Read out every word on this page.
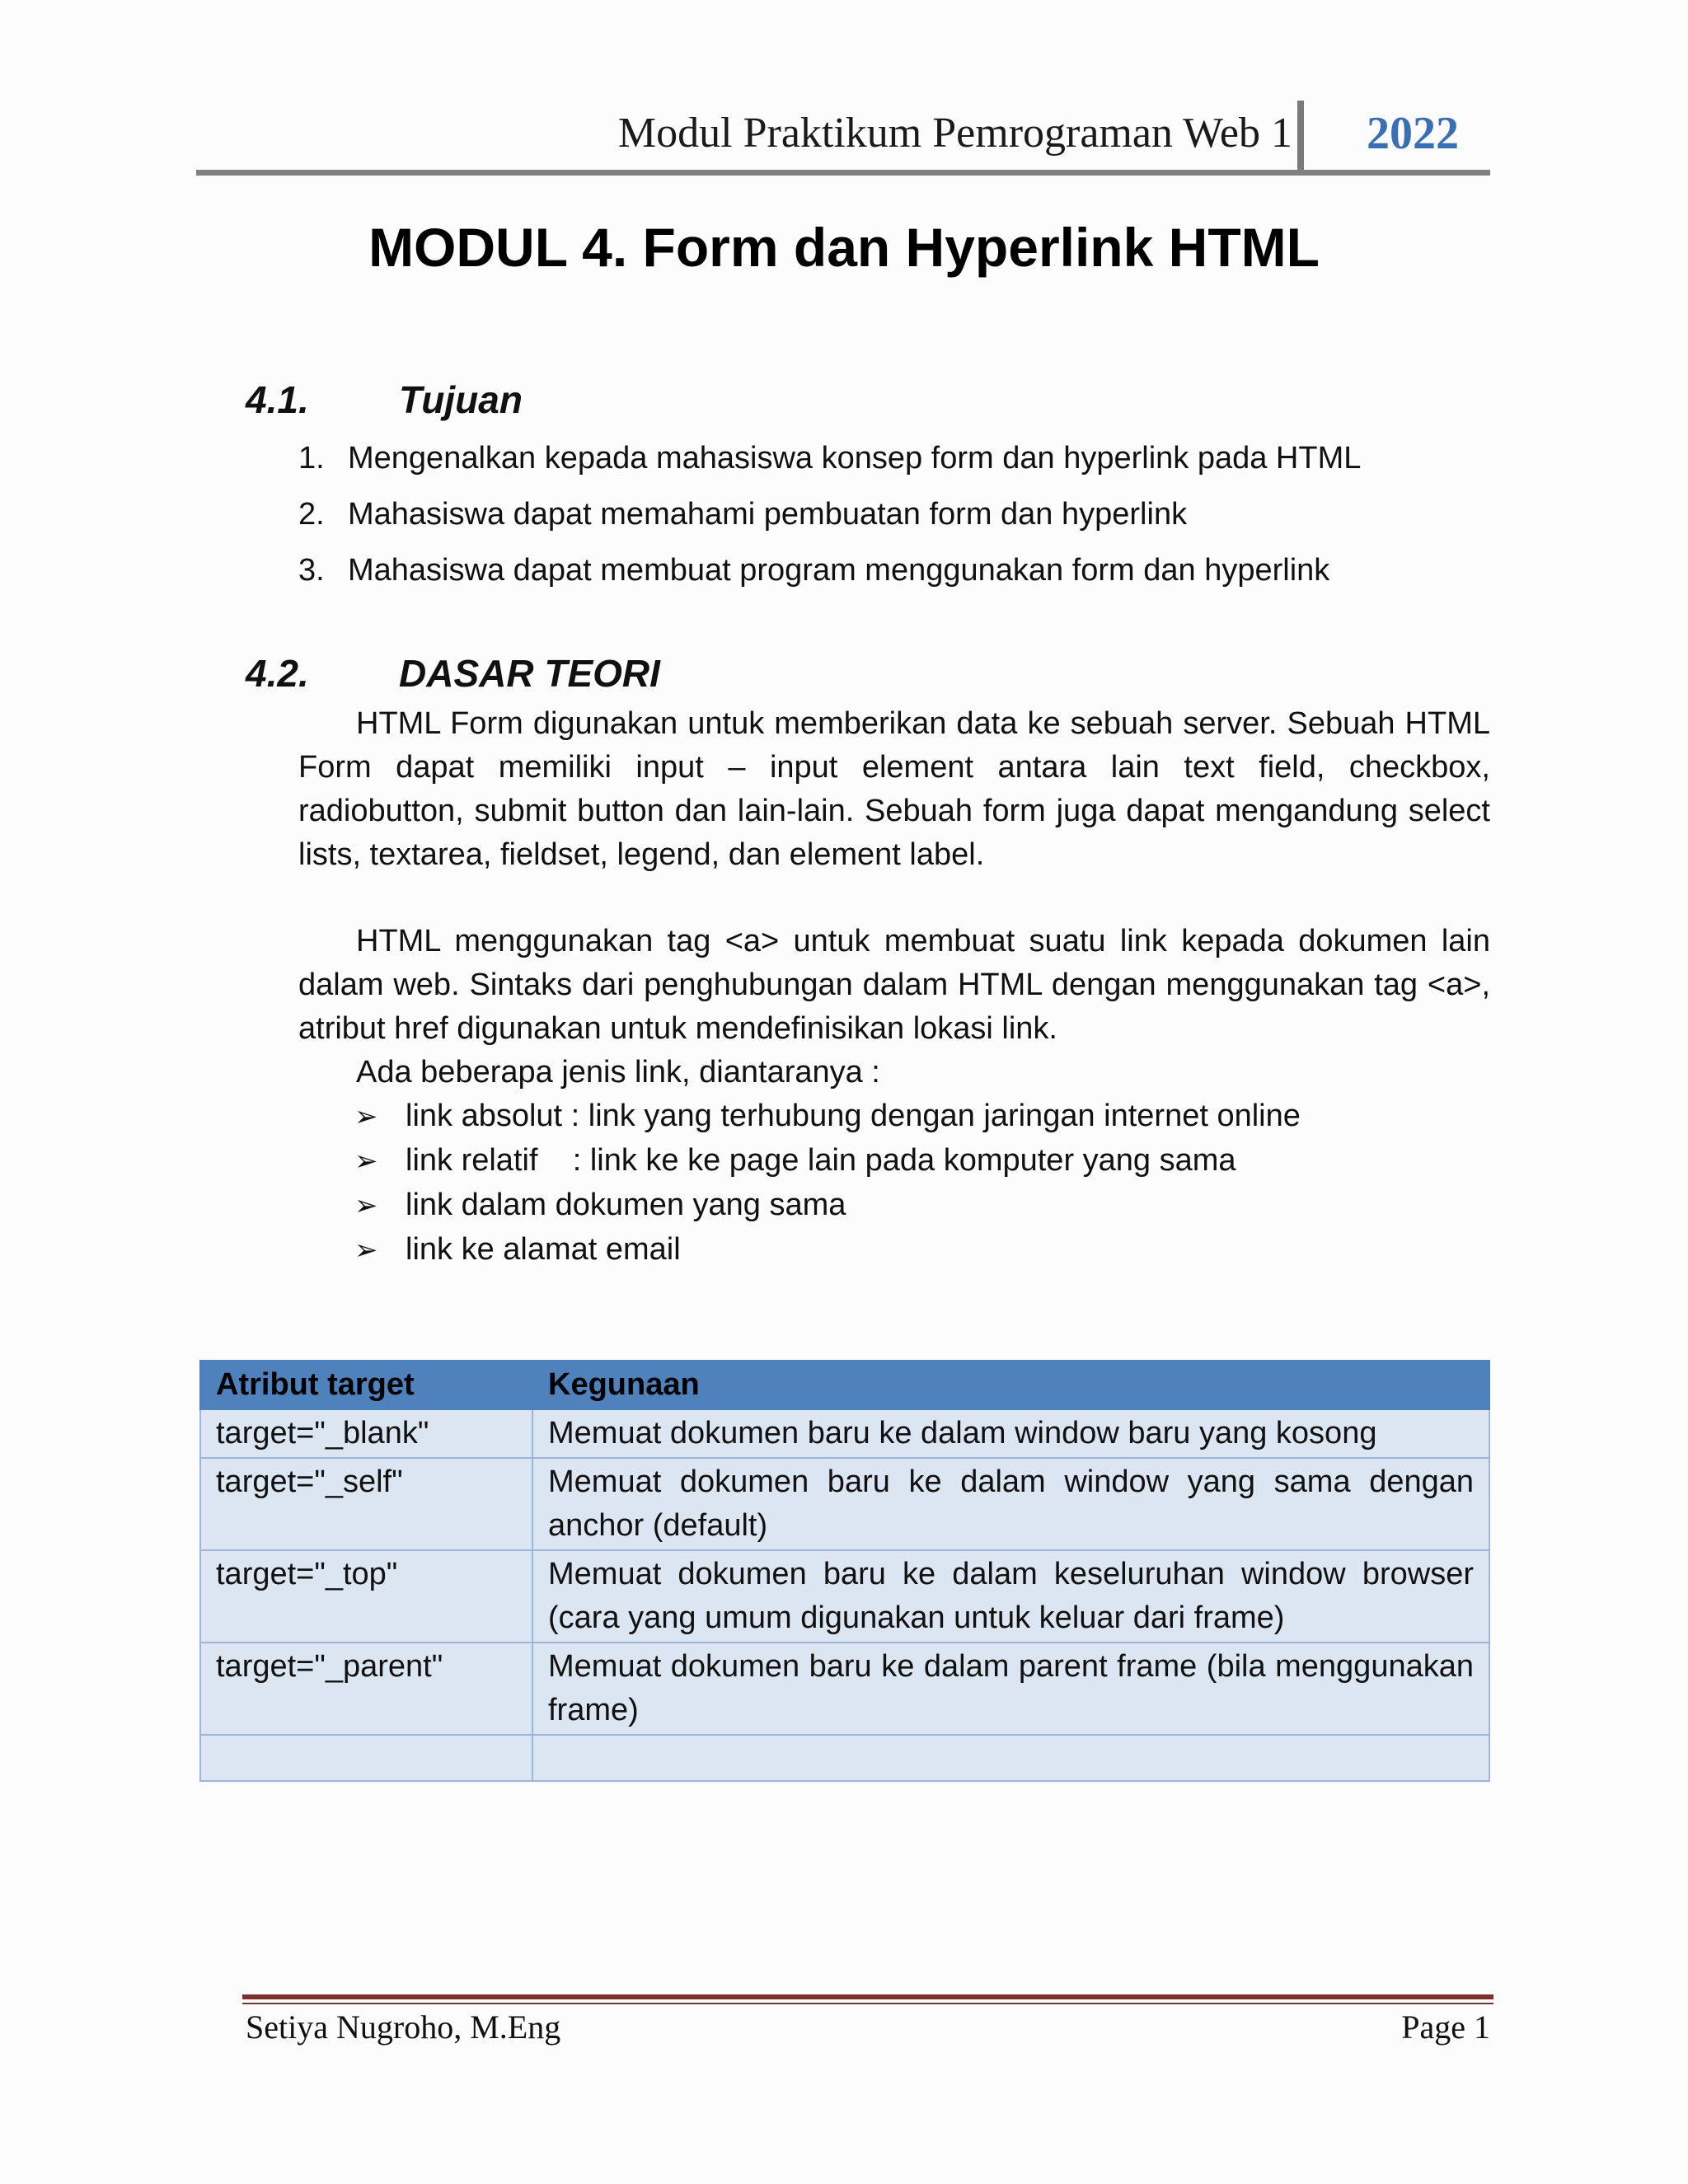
Modul Praktikum Pemrograman Web 1 2022
MODUL 4. Form dan Hyperlink HTML
4.1. Tujuan
1. Mengenalkan kepada mahasiswa konsep form dan hyperlink pada HTML
2. Mahasiswa dapat memahami pembuatan form dan hyperlink
3. Mahasiswa dapat membuat program menggunakan form dan hyperlink
4.2. DASAR TEORI

HTML Form digunakan untuk memberikan data ke sebuah server. Sebuah HTML Form dapat memiliki input – input element antara lain text field, checkbox, radiobutton, submit button dan lain-lain. Sebuah form juga dapat mengandung select lists, textarea, fieldset, legend, dan element label.

HTML menggunakan tag <a> untuk membuat suatu link kepada dokumen lain dalam web. Sintaks dari penghubungan dalam HTML dengan menggunakan tag <a>, atribut href digunakan untuk mendefinisikan lokasi link.

Ada beberapa jenis link, diantaranya :

➢ link absolut : link yang terhubung dengan jaringan internet online
➢ link relatif    : link ke ke page lain pada komputer yang sama
➢ link dalam dokumen yang sama
➢ link ke alamat email
Atribut target	Kegunaan
target="_blank"	Memuat dokumen baru ke dalam window baru yang kosong
target="_self"	Memuat dokumen baru ke dalam window yang sama dengan anchor (default)
target="_top"	Memuat dokumen baru ke dalam keseluruhan window browser (cara yang umum digunakan untuk keluar dari frame)
target="_parent"	Memuat dokumen baru ke dalam parent frame (bila menggunakan frame)

Setiya Nugroho, M.Eng	Page 1
